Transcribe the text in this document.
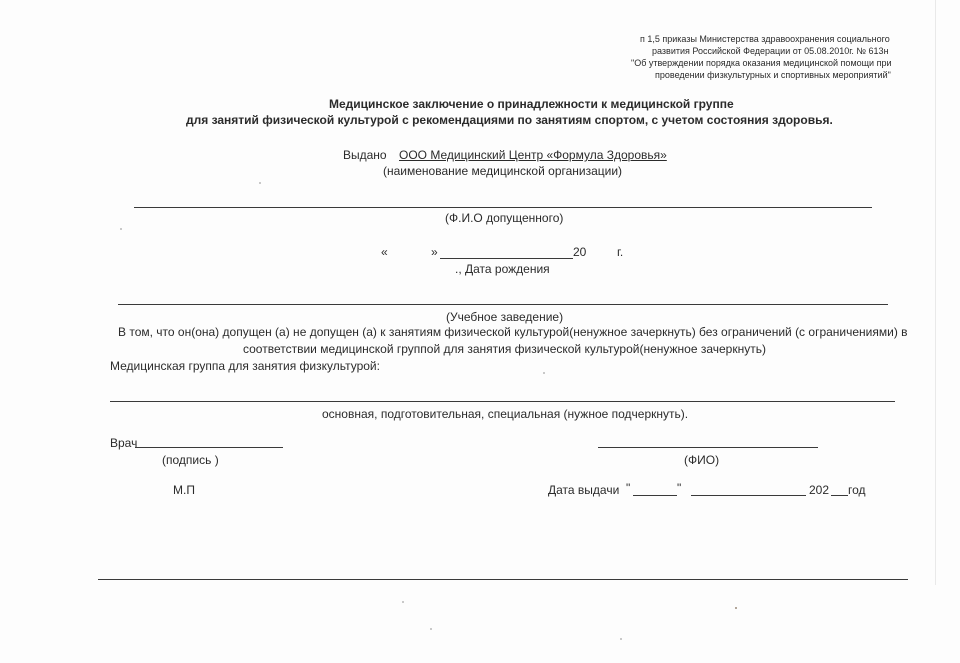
п 1,5 приказы Министерства здравоохранения социального
развития Российской Федерации от 05.08.2010г. № 613н
"Об утверждении порядка оказания медицинской помощи при
проведении физкультурных и спортивных мероприятий"
Медицинское заключение о принадлежности к медицинской группе
для занятий физической культурой с рекомендациями по занятиям спортом, с учетом состояния здоровья.
Выдано ООО Медицинский Центр «Формула Здоровья»
(наименование медицинской организации)
(Ф.И.О допущенного)
«	»	20	г.
., Дата рождения
(Учебное заведение)
В том, что он(она) допущен (а) не допущен (а) к занятиям физической культурой(ненужное зачеркнуть) без ограничений (с ограничениями) в
соответствии медицинской группой для занятия физической культурой(ненужное зачеркнуть)
Медицинская группа для занятия физкультурой:
основная, подготовительная, специальная (нужное подчеркнуть).
Врач
(подпись )	(ФИО)
М.П	Дата выдачи "	"	202 год
